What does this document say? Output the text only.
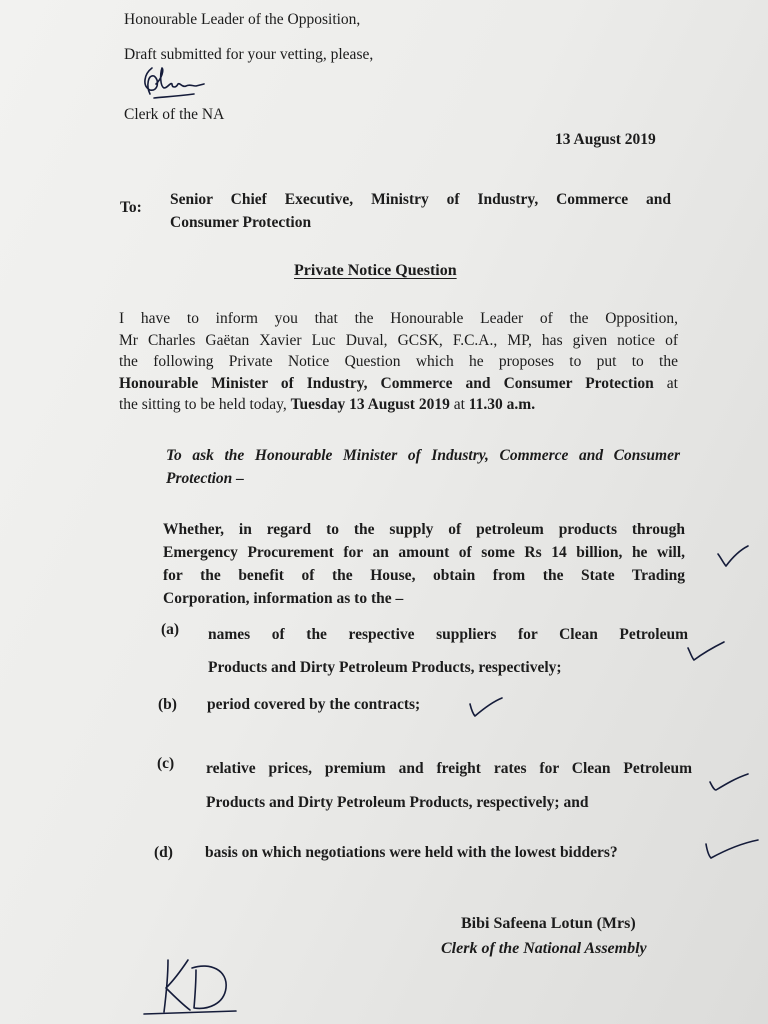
Honourable Leader of the Opposition,
Draft submitted for your vetting, please,
Clerk of the NA
13 August 2019
To: Senior Chief Executive, Ministry of Industry, Commerce and
Consumer Protection
Private Notice Question
I have to inform you that the Honourable Leader of the Opposition,
Mr Charles Gaëtan Xavier Luc Duval, GCSK, F.C.A., MP, has given notice of
the following Private Notice Question which he proposes to put to the
Honourable Minister of Industry, Commerce and Consumer Protection at
the sitting to be held today, Tuesday 13 August 2019 at 11.30 a.m.
To ask the Honourable Minister of Industry, Commerce and Consumer
Protection –
Whether, in regard to the supply of petroleum products through
Emergency Procurement for an amount of some Rs 14 billion, he will,
for the benefit of the House, obtain from the State Trading
Corporation, information as to the –
(a) names of the respective suppliers for Clean Petroleum
Products and Dirty Petroleum Products, respectively;
(b) period covered by the contracts;
(c) relative prices, premium and freight rates for Clean Petroleum
Products and Dirty Petroleum Products, respectively; and
(d) basis on which negotiations were held with the lowest bidders?
Bibi Safeena Lotun (Mrs)
Clerk of the National Assembly
